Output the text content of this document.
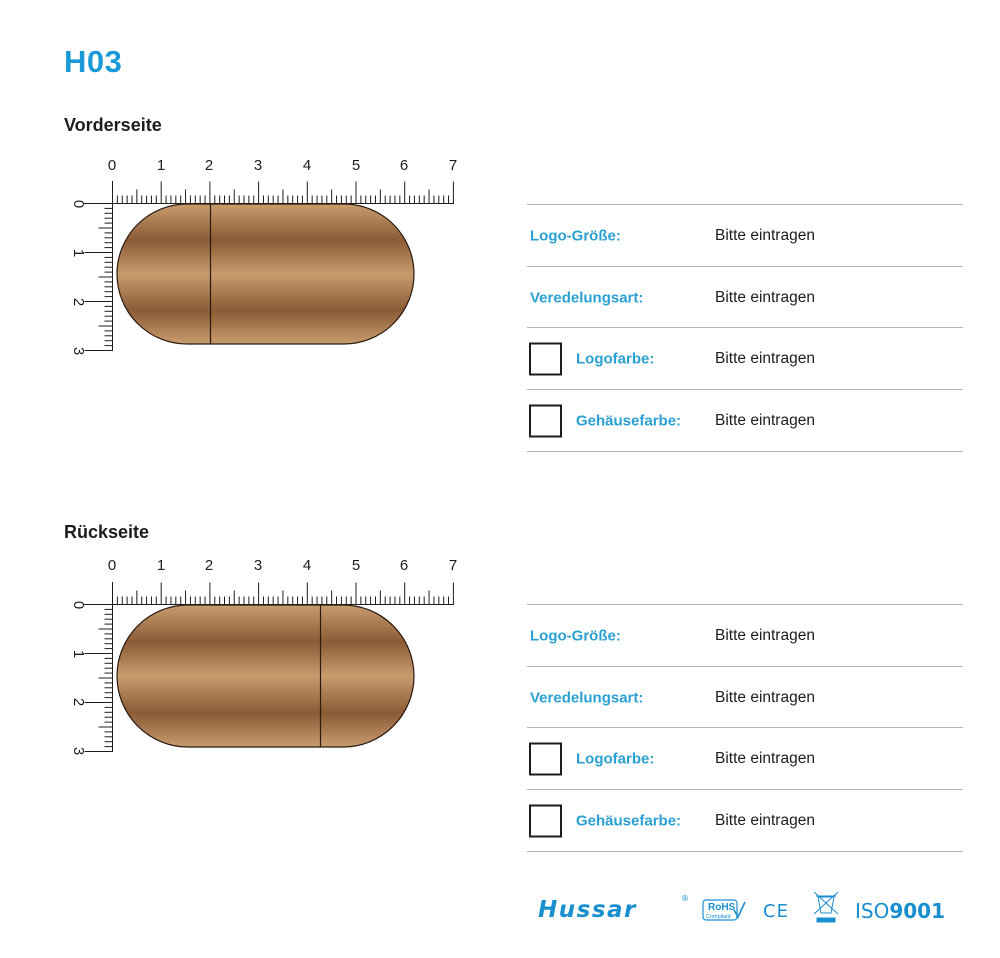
H03
Vorderseite
0	1	2	3	4	5	6	7
0
1
2
3
Logo-Größe:	Bitte eintragen
Veredelungsart:	Bitte eintragen
Logofarbe:	Bitte eintragen
Gehäusefarbe: Bitte eintragen
Rückseite
0	1	2	3	4	5	6	7
0
1
2
3
Logo-Größe:	Bitte eintragen
Veredelungsart:	Bitte eintragen
Logofarbe:	Bitte eintragen
Gehäusefarbe: Bitte eintragen
Hussar	®
RoHS
Compliant CE	ISO9001
